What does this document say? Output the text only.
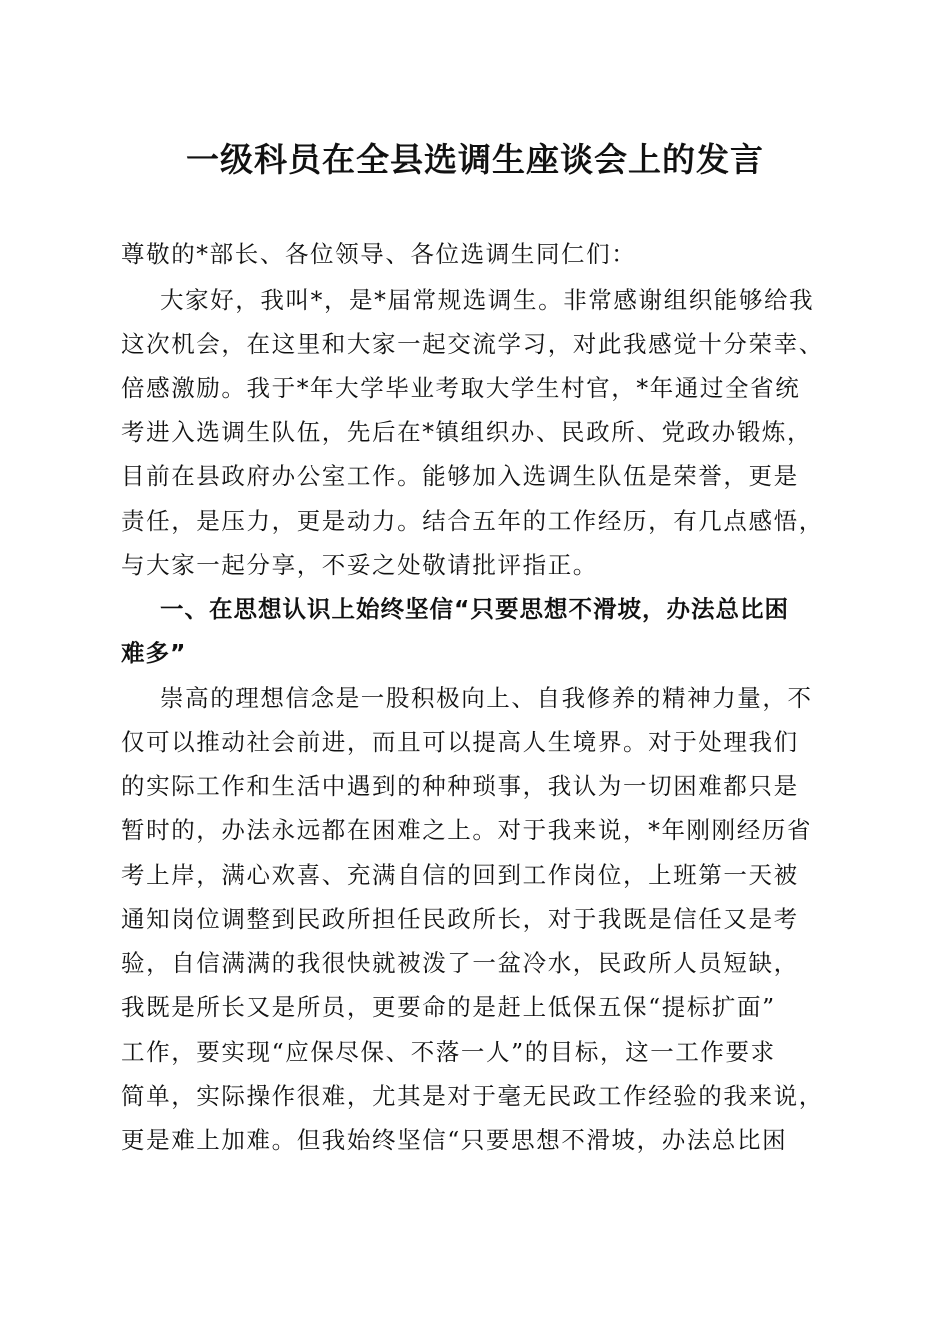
一级科员在全县选调生座谈会上的发言

尊敬的*部长、各位领导、各位选调生同仁们：

大家好，我叫*，是*届常规选调生。非常感谢组织能够给我

这次机会，在这里和大家一起交流学习，对此我感觉十分荣幸、

倍感激励。我于*年大学毕业考取大学生村官，*年通过全省统

考进入选调生队伍，先后在*镇组织办、民政所、党政办锻炼，

目前在县政府办公室工作。能够加入选调生队伍是荣誉，更是

责任，是压力，更是动力。结合五年的工作经历，有几点感悟，

与大家一起分享，不妥之处敬请批评指正。

一、在思想认识上始终坚信“只要思想不滑坡，办法总比困

难多”

崇高的理想信念是一股积极向上、自我修养的精神力量，不

仅可以推动社会前进，而且可以提高人生境界。对于处理我们

的实际工作和生活中遇到的种种琐事，我认为一切困难都只是

暂时的，办法永远都在困难之上。对于我来说，*年刚刚经历省

考上岸，满心欢喜、充满自信的回到工作岗位，上班第一天被

通知岗位调整到民政所担任民政所长，对于我既是信任又是考

验，自信满满的我很快就被泼了一盆冷水，民政所人员短缺，

我既是所长又是所员，更要命的是赶上低保五保“提标扩面”

工作，要实现“应保尽保、不落一人”的目标，这一工作要求

简单，实际操作很难，尤其是对于毫无民政工作经验的我来说，

更是难上加难。但我始终坚信“只要思想不滑坡，办法总比困
